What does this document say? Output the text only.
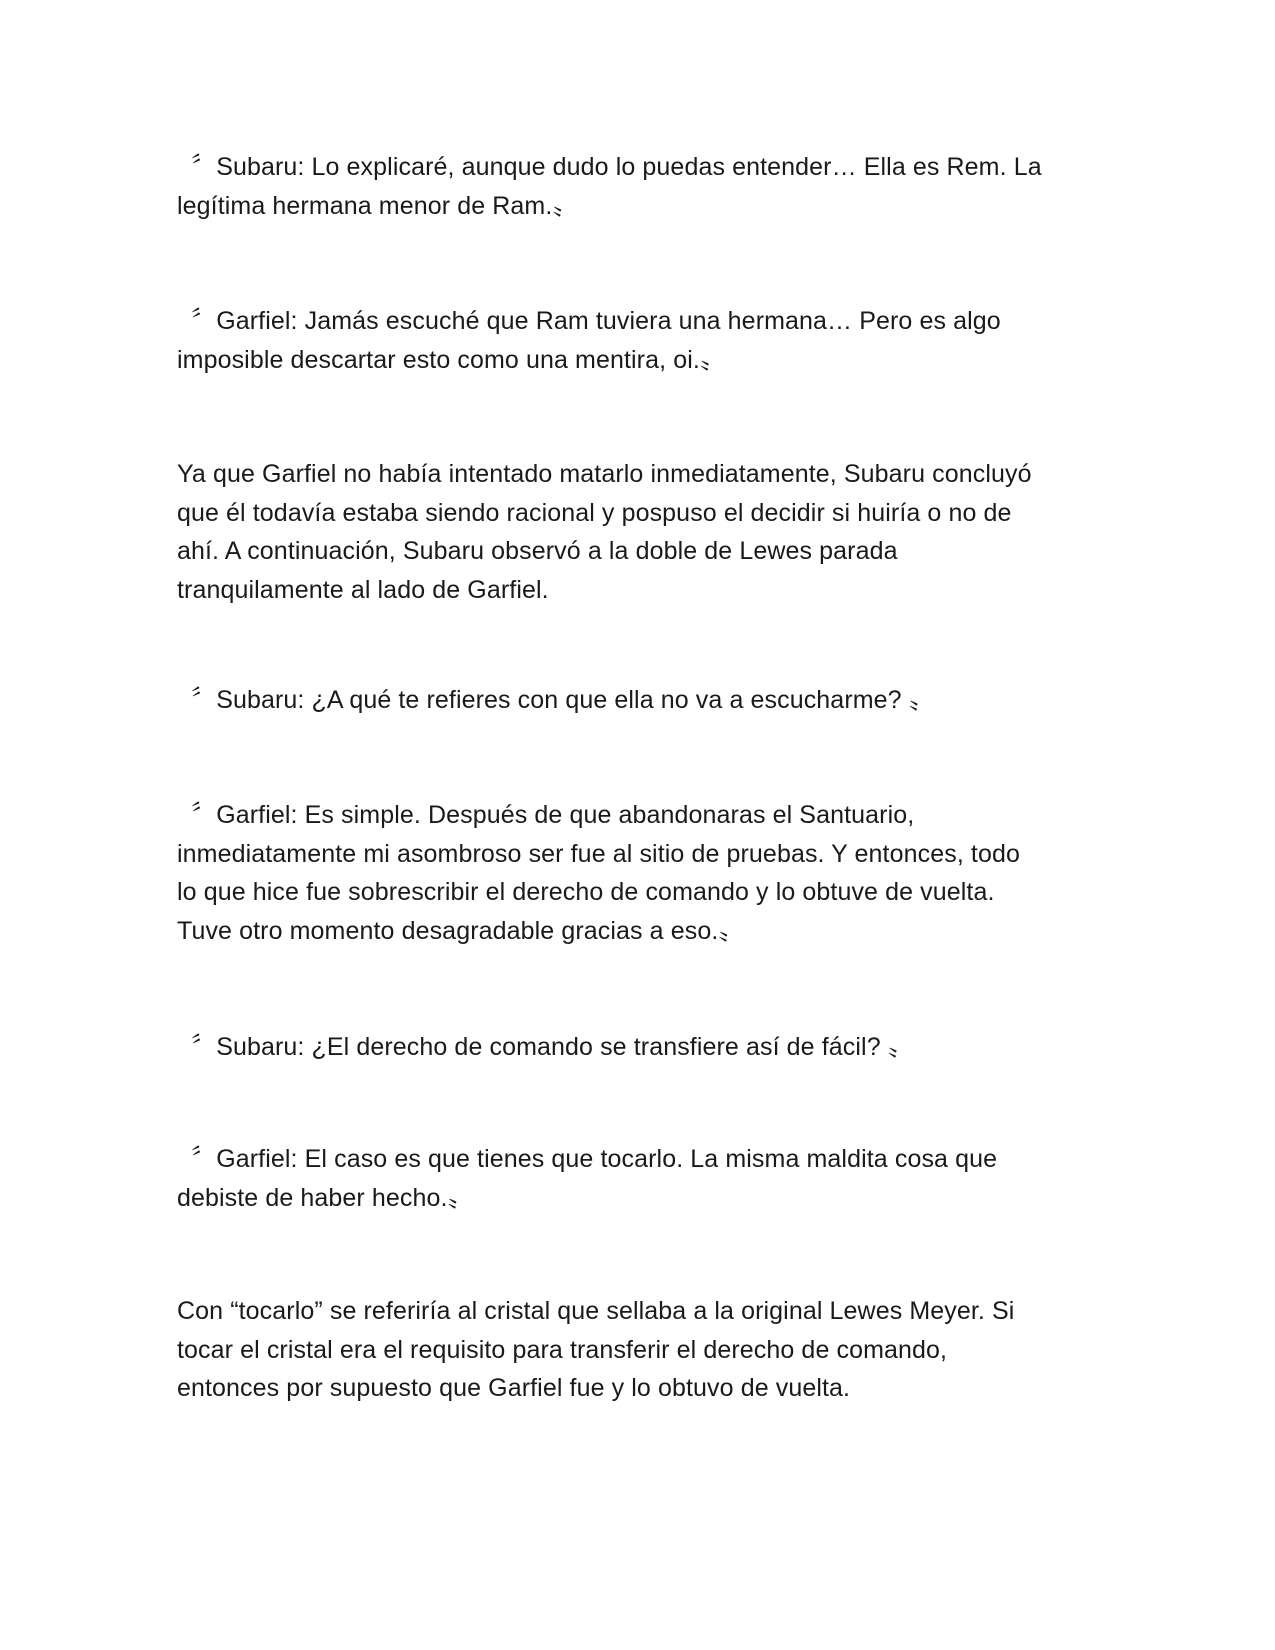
〞Subaru: Lo explicaré, aunque dudo lo puedas entender… Ella es Rem. La
legítima hermana menor de Ram.〟

〞Garfiel: Jamás escuché que Ram tuviera una hermana… Pero es algo
imposible descartar esto como una mentira, oi.〟

Ya que Garfiel no había intentado matarlo inmediatamente, Subaru concluyó
que él todavía estaba siendo racional y pospuso el decidir si huiría o no de
ahí. A continuación, Subaru observó a la doble de Lewes parada
tranquilamente al lado de Garfiel.

〞Subaru: ¿A qué te refieres con que ella no va a escucharme? 〟

〞Garfiel: Es simple. Después de que abandonaras el Santuario,
inmediatamente mi asombroso ser fue al sitio de pruebas. Y entonces, todo
lo que hice fue sobrescribir el derecho de comando y lo obtuve de vuelta.
Tuve otro momento desagradable gracias a eso.〟

〞Subaru: ¿El derecho de comando se transfiere así de fácil? 〟

〞Garfiel: El caso es que tienes que tocarlo. La misma maldita cosa que
debiste de haber hecho.〟

Con “tocarlo” se referiría al cristal que sellaba a la original Lewes Meyer. Si
tocar el cristal era el requisito para transferir el derecho de comando,
entonces por supuesto que Garfiel fue y lo obtuvo de vuelta.
